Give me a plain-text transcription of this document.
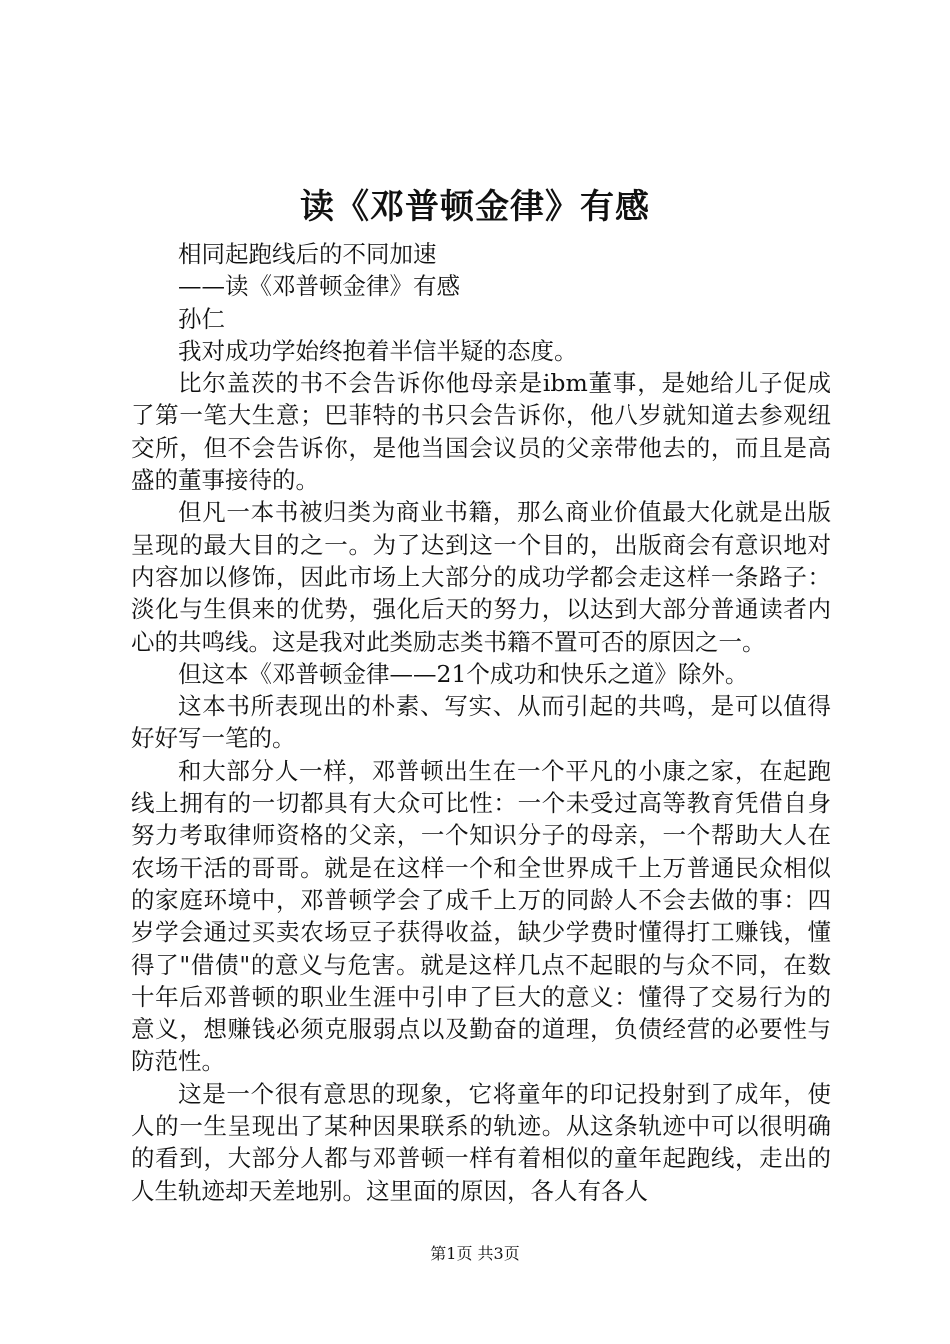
读《邓普顿金律》有感

相同起跑线后的不同加速

——读《邓普顿金律》有感

孙仁

我对成功学始终抱着半信半疑的态度。

比尔盖茨的书不会告诉你他母亲是ibm董事，是她给儿子促成了第一笔大生意；巴菲特的书只会告诉你，他八岁就知道去参观纽交所，但不会告诉你，是他当国会议员的父亲带他去的，而且是高盛的董事接待的。

但凡一本书被归类为商业书籍，那么商业价值最大化就是出版呈现的最大目的之一。为了达到这一个目的，出版商会有意识地对内容加以修饰，因此市场上大部分的成功学都会走这样一条路子：淡化与生俱来的优势，强化后天的努力，以达到大部分普通读者内心的共鸣线。这是我对此类励志类书籍不置可否的原因之一。

但这本《邓普顿金律——21个成功和快乐之道》除外。

这本书所表现出的朴素、写实、从而引起的共鸣，是可以值得好好写一笔的。

和大部分人一样，邓普顿出生在一个平凡的小康之家，在起跑线上拥有的一切都具有大众可比性：一个未受过高等教育凭借自身努力考取律师资格的父亲，一个知识分子的母亲，一个帮助大人在农场干活的哥哥。就是在这样一个和全世界成千上万普通民众相似的家庭环境中，邓普顿学会了成千上万的同龄人不会去做的事：四岁学会通过买卖农场豆子获得收益，缺少学费时懂得打工赚钱，懂得了"借债"的意义与危害。就是这样几点不起眼的与众不同，在数十年后邓普顿的职业生涯中引申了巨大的意义：懂得了交易行为的意义，想赚钱必须克服弱点以及勤奋的道理，负债经营的必要性与防范性。

这是一个很有意思的现象，它将童年的印记投射到了成年，使人的一生呈现出了某种因果联系的轨迹。从这条轨迹中可以很明确的看到，大部分人都与邓普顿一样有着相似的童年起跑线，走出的人生轨迹却天差地别。这里面的原因，各人有各人

第1页 共3页
